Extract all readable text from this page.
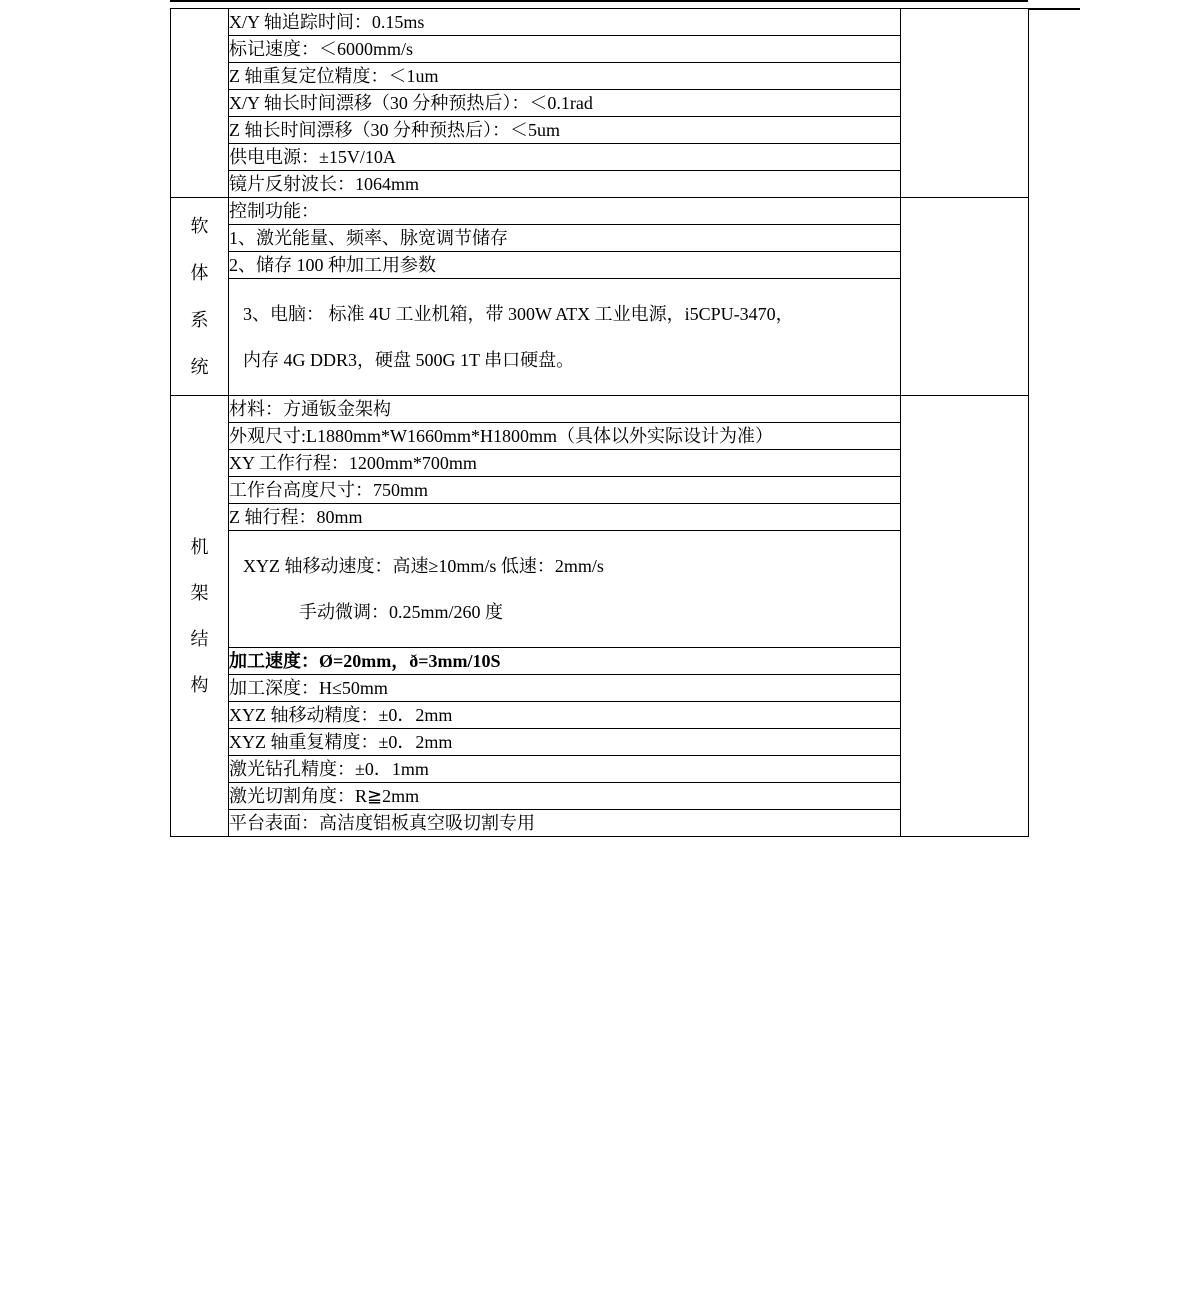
	X/Y 轴追踪时间：0.15ms	
	标记速度：＜6000mm/s	
	Z 轴重复定位精度：＜1um	
	X/Y 轴长时间漂移（30 分种预热后）：＜0.1rad	
	Z 轴长时间漂移（30 分种预热后）：＜5um	
	供电电源：±15V/10A	
	镜片反射波长：1064mm	

软
体
系
统	控制功能：	
	1、激光能量、频率、脉宽调节储存	
	2、储存 100 种加工用参数	
	3、电脑： 标准 4U 工业机箱，带 300W ATX 工业电源，i5CPU-3470，
内存 4G DDR3，硬盘 500G 1T 串口硬盘。	

机
架
结
构	材料：方通钣金架构	
	外观尺寸:L1880mm*W1660mm*H1800mm（具体以外实际设计为准）	
	XY 工作行程：1200mm*700mm	
	工作台高度尺寸：750mm	
	Z 轴行程：80mm	
	XYZ 轴移动速度：高速≥10mm/s 低速：2mm/s
手动微调：0.25mm/260 度	

	加工速度：Ø=20mm，ð=3mm/10S	
	加工深度：H≤50mm	
	XYZ 轴移动精度：±0．2mm	
	XYZ 轴重复精度：±0．2mm	
	激光钻孔精度：±0．1mm	
	激光切割角度：R≧2mm	
	平台表面：高洁度铝板真空吸切割专用	
